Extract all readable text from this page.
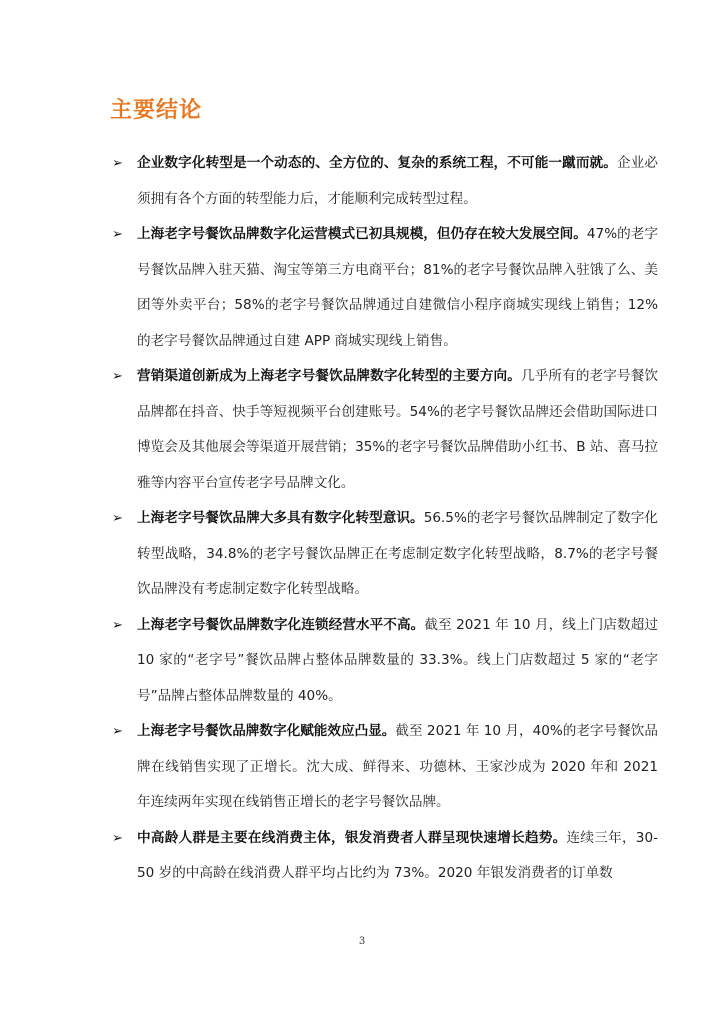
主要结论
➢ 企业数字化转型是一个动态的、全方位的、复杂的系统工程，不可能一蹴而就。企业必须拥有各个方面的转型能力后，才能顺利完成转型过程。
➢ 上海老字号餐饮品牌数字化运营模式已初具规模，但仍存在较大发展空间。47%的老字号餐饮品牌入驻天猫、淘宝等第三方电商平台；81%的老字号餐饮品牌入驻饿了么、美团等外卖平台；58%的老字号餐饮品牌通过自建微信小程序商城实现线上销售；12%的老字号餐饮品牌通过自建 APP 商城实现线上销售。
➢ 营销渠道创新成为上海老字号餐饮品牌数字化转型的主要方向。几乎所有的老字号餐饮品牌都在抖音、快手等短视频平台创建账号。54%的老字号餐饮品牌还会借助国际进口博览会及其他展会等渠道开展营销；35%的老字号餐饮品牌借助小红书、B 站、喜马拉雅等内容平台宣传老字号品牌文化。
➢ 上海老字号餐饮品牌大多具有数字化转型意识。56.5%的老字号餐饮品牌制定了数字化转型战略，34.8%的老字号餐饮品牌正在考虑制定数字化转型战略，8.7%的老字号餐饮品牌没有考虑制定数字化转型战略。
➢ 上海老字号餐饮品牌数字化连锁经营水平不高。截至 2021 年 10 月，线上门店数超过 10 家的“老字号”餐饮品牌占整体品牌数量的 33.3%。线上门店数超过 5 家的“老字号”品牌占整体品牌数量的 40%。
➢ 上海老字号餐饮品牌数字化赋能效应凸显。截至 2021 年 10 月，40%的老字号餐饮品牌在线销售实现了正增长。沈大成、鲜得来、功德林、王家沙成为 2020 年和 2021 年连续两年实现在线销售正增长的老字号餐饮品牌。
➢ 中高龄人群是主要在线消费主体，银发消费者人群呈现快速增长趋势。连续三年，30-50 岁的中高龄在线消费人群平均占比约为 73%。2020 年银发消费者的订单数
3
